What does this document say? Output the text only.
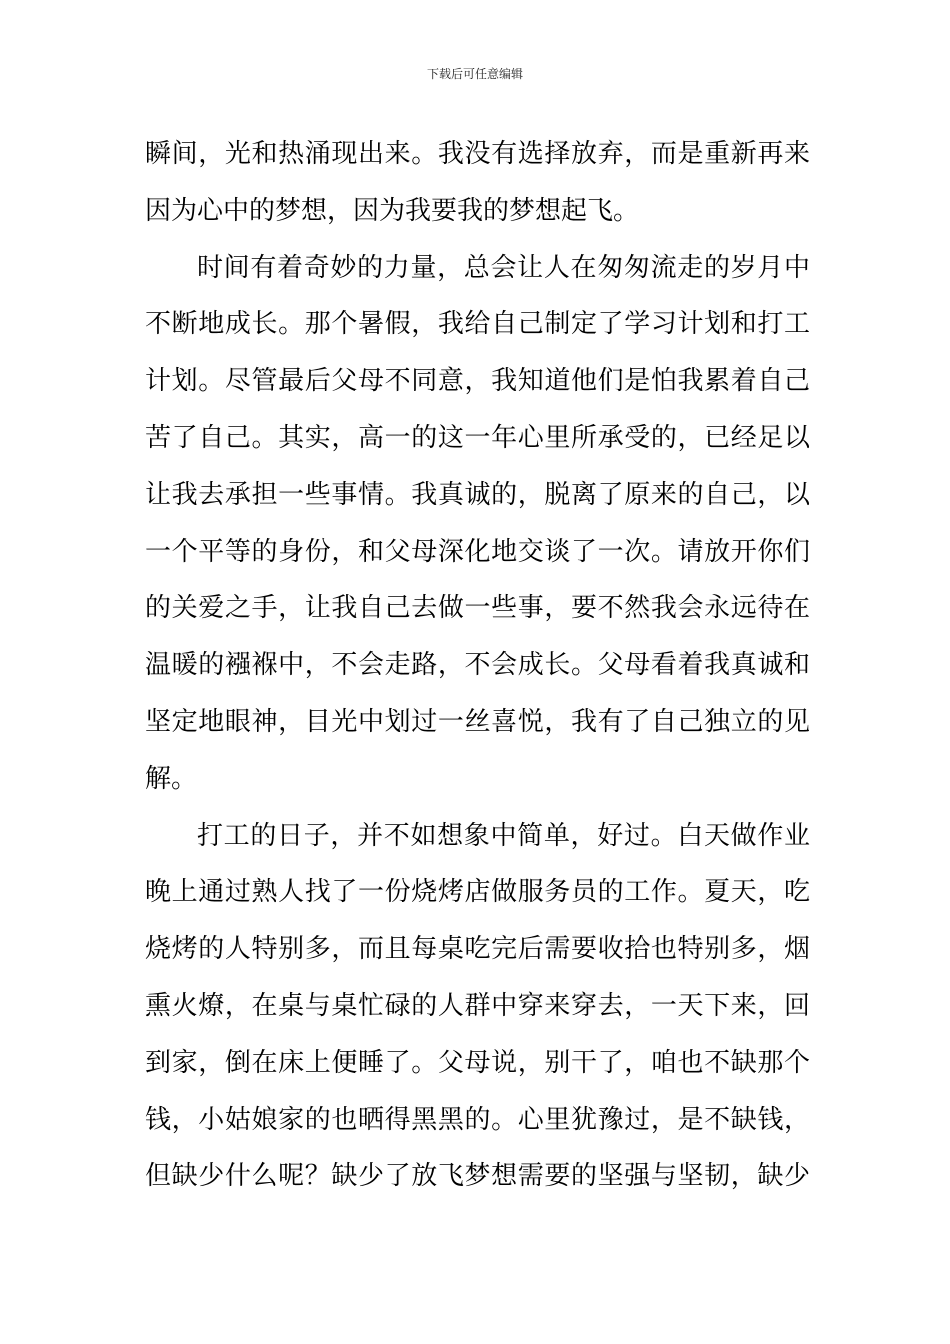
下载后可任意编辑
瞬间，光和热涌现出来。我没有选择放弃，而是重新再来
因为心中的梦想，因为我要我的梦想起飞。
时间有着奇妙的力量，总会让人在匆匆流走的岁月中
不断地成长。那个暑假，我给自己制定了学习计划和打工
计划。尽管最后父母不同意，我知道他们是怕我累着自己
苦了自己。其实，高一的这一年心里所承受的，已经足以
让我去承担一些事情。我真诚的，脱离了原来的自己，以
一个平等的身份，和父母深化地交谈了一次。请放开你们
的关爱之手，让我自己去做一些事，要不然我会永远待在
温暖的襁褓中，不会走路，不会成长。父母看着我真诚和
坚定地眼神，目光中划过一丝喜悦，我有了自己独立的见
解。
打工的日子，并不如想象中简单，好过。白天做作业
晚上通过熟人找了一份烧烤店做服务员的工作。夏天，吃
烧烤的人特别多，而且每桌吃完后需要收拾也特别多，烟
熏火燎，在桌与桌忙碌的人群中穿来穿去，一天下来，回
到家，倒在床上便睡了。父母说，别干了，咱也不缺那个
钱，小姑娘家的也晒得黑黑的。心里犹豫过，是不缺钱，
但缺少什么呢？缺少了放飞梦想需要的坚强与坚韧，缺少
